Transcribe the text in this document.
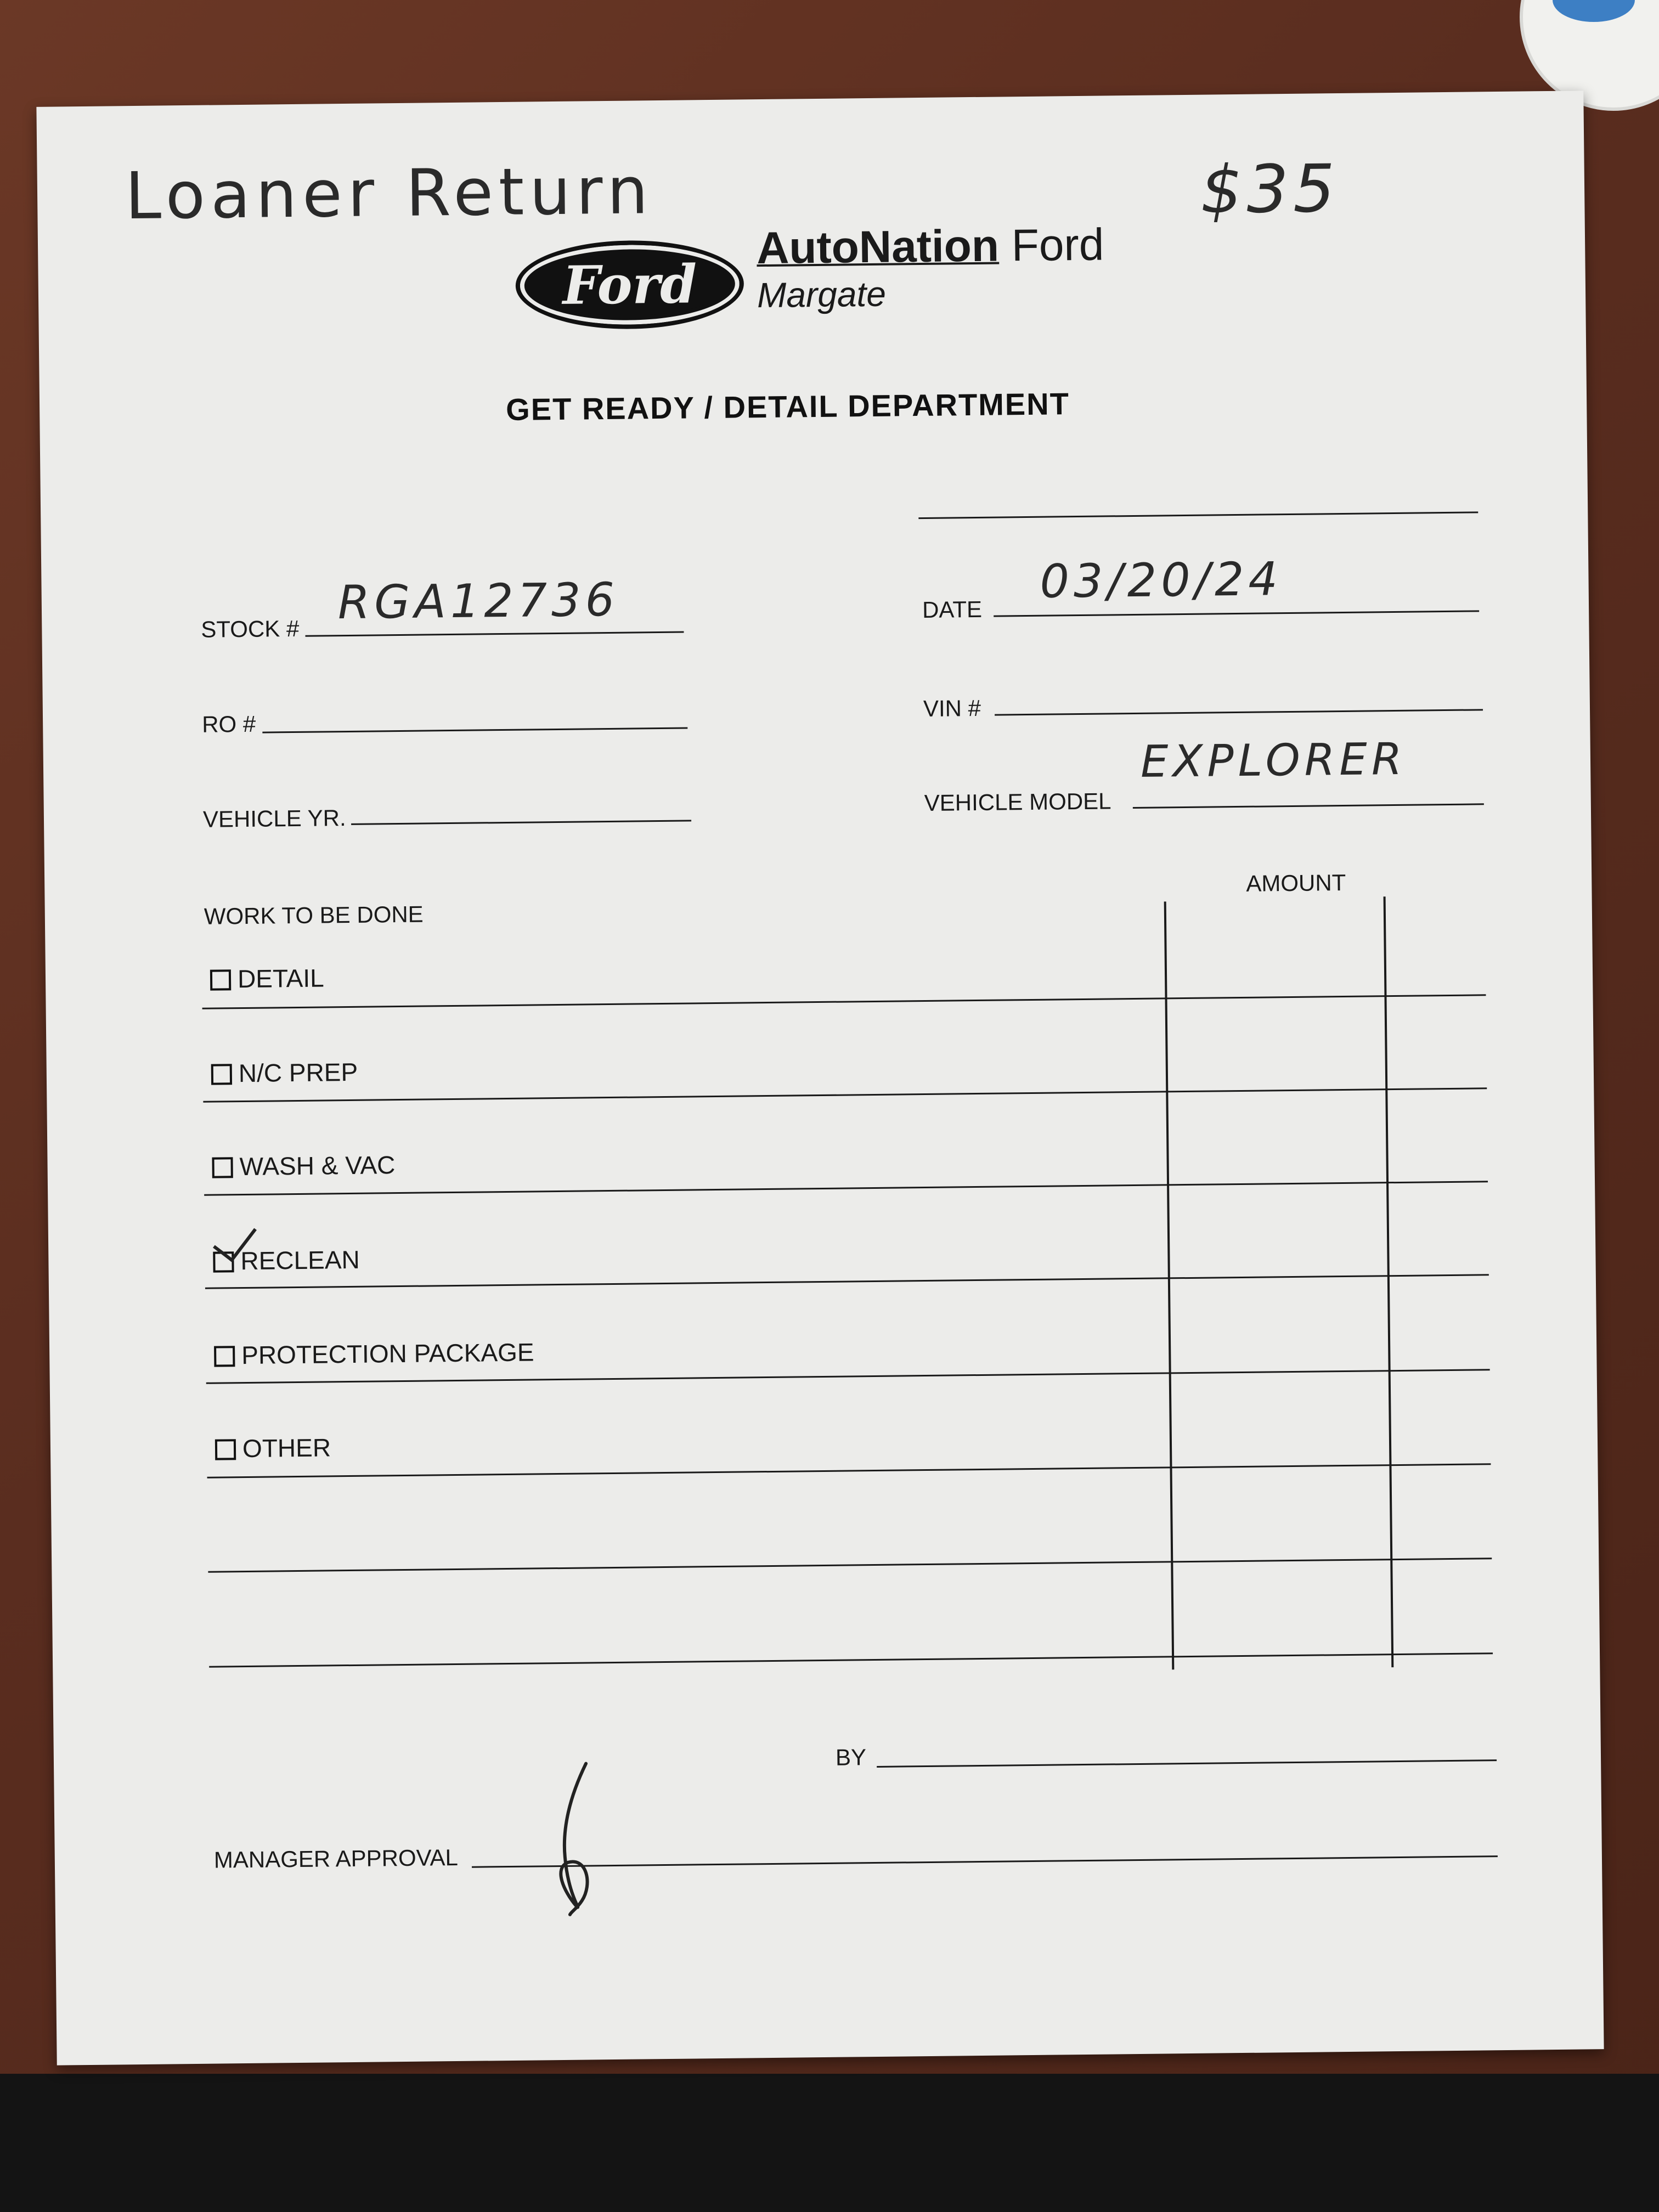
Loaner Return	$35
Ford
AutoNation Ford
Margate
GET READY / DETAIL DEPARTMENT
STOCK # RGA12736	DATE
03/20/24
RO #
VIN #
VEHICLE YR.
VEHICLE MODEL
EXPLORER
WORK TO BE DONE
AMOUNT
DETAIL
N/C PREP
WASH & VAC
RECLEAN
PROTECTION PACKAGE
OTHER
BY
MANAGER APPROVAL
